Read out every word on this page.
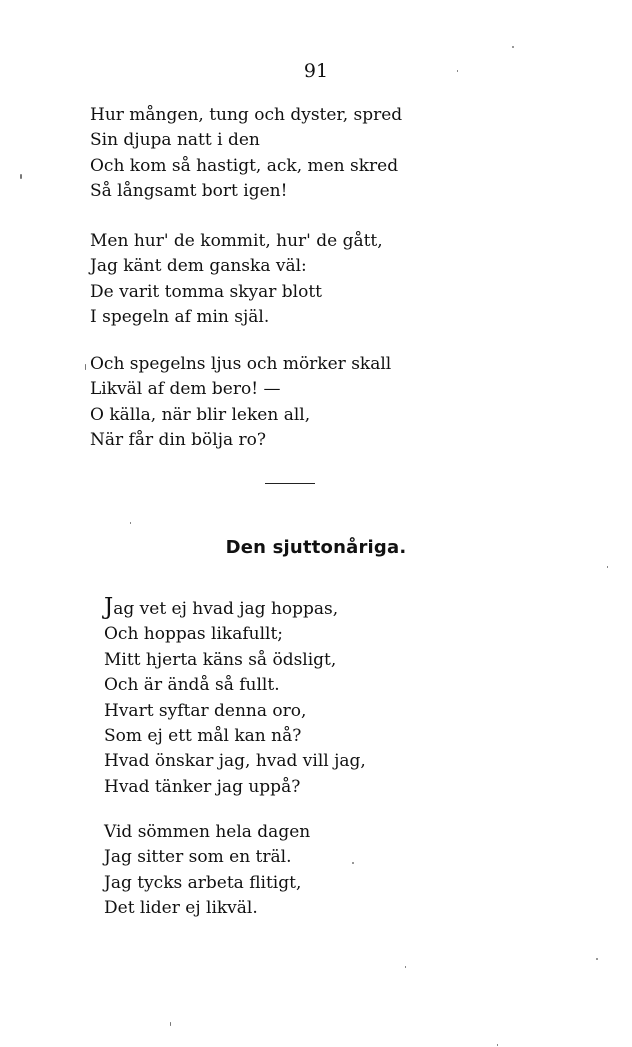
91
Hur mången, tung och dyster, spred
Sin djupa natt i den
Och kom så hastigt, ack, men skred
Så långsamt bort igen!
Men hur' de kommit, hur' de gått,
Jag känt dem ganska väl:
De varit tomma skyar blott
I spegeln af min själ.
Och spegelns ljus och mörker skall
Likväl af dem bero! —
O källa, när blir leken all,
När får din bölja ro?
Den sjuttonåriga.
Jag vet ej hvad jag hoppas,
Och hoppas likafullt;
Mitt hjerta käns så ödsligt,
Och är ändå så fullt.
Hvart syftar denna oro,
Som ej ett mål kan nå?
Hvad önskar jag, hvad vill jag,
Hvad tänker jag uppå?
Vid sömmen hela dagen
Jag sitter som en träl.
Jag tycks arbeta flitigt,
Det lider ej likväl.
